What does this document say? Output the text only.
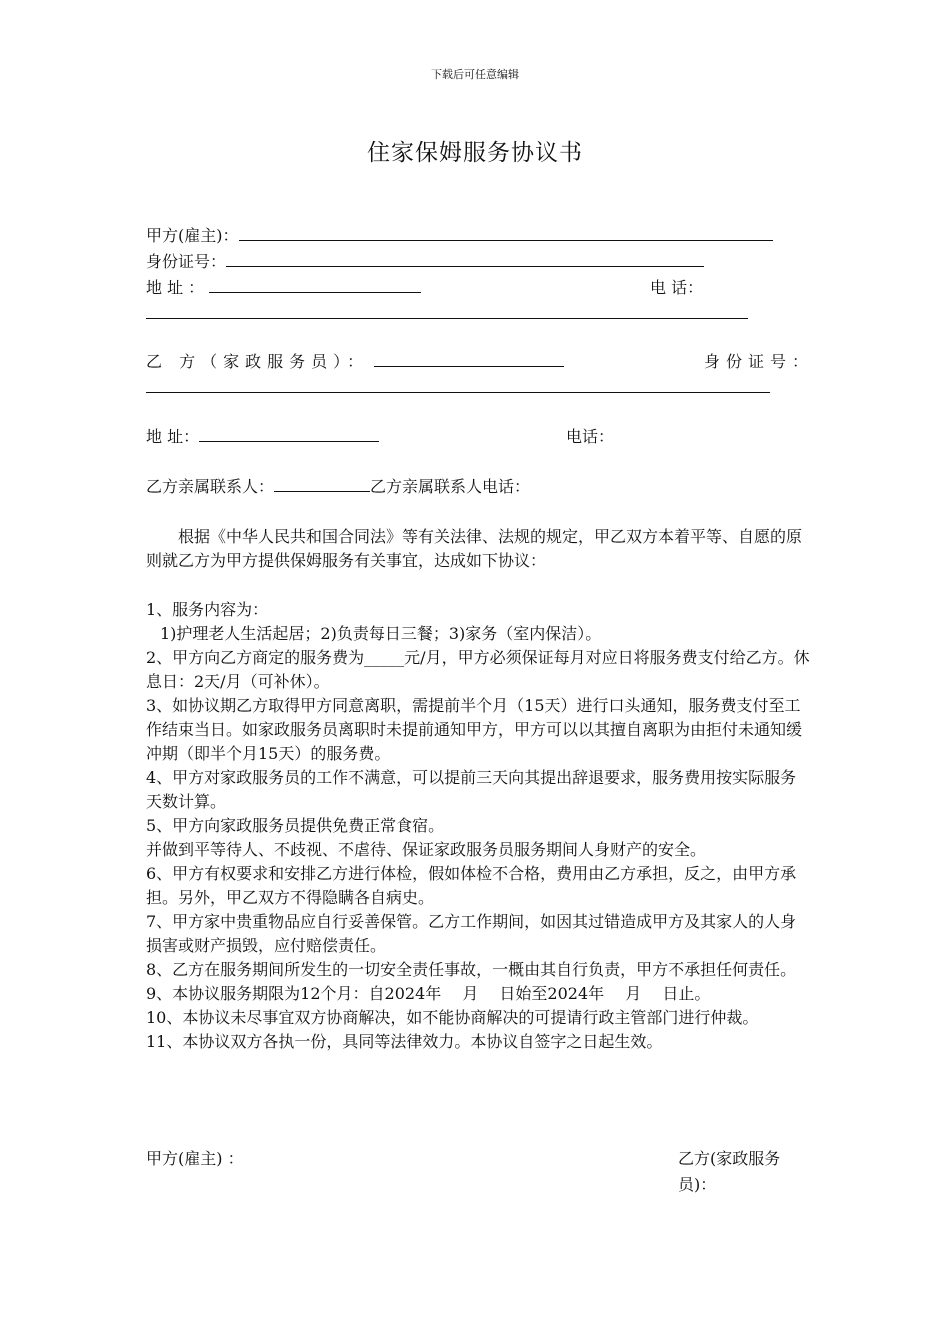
下载后可任意编辑
住家保姆服务协议书
甲方(雇主)：
身份证号：
地 址 ：	电 话：
乙 方（家政服务员）：	身份证号：
地 址：	电话：
乙方亲属联系人：	乙方亲属联系人电话：

根据《中华人民共和国合同法》等有关法律、法规的规定，甲乙双方本着平等、自愿的原则就乙方为甲方提供保姆服务有关事宜，达成如下协议：

1、服务内容为：

1)护理老人生活起居；2)负责每日三餐；3)家务（室内保洁）。

2、甲方向乙方商定的服务费为_____元/月，甲方必须保证每月对应日将服务费支付给乙方。休息日：2天/月（可补休）。

3、如协议期乙方取得甲方同意离职，需提前半个月（15天）进行口头通知，服务费支付至工作结束当日。如家政服务员离职时未提前通知甲方，甲方可以以其擅自离职为由拒付未通知缓冲期（即半个月15天）的服务费。

4、甲方对家政服务员的工作不满意，可以提前三天向其提出辞退要求，服务费用按实际服务天数计算。

5、甲方向家政服务员提供免费正常食宿。

并做到平等待人、不歧视、不虐待、保证家政服务员服务期间人身财产的安全。

6、甲方有权要求和安排乙方进行体检，假如体检不合格，费用由乙方承担，反之，由甲方承担。另外，甲乙双方不得隐瞒各自病史。

7、甲方家中贵重物品应自行妥善保管。乙方工作期间，如因其过错造成甲方及其家人的人身损害或财产损毁，应付赔偿责任。

8、乙方在服务期间所发生的一切安全责任事故，一概由其自行负责，甲方不承担任何责任。

9、本协议服务期限为12个月：自2024年　 月 　日始至2024年 　月　 日止。

10、本协议未尽事宜双方协商解决，如不能协商解决的可提请行政主管部门进行仲裁。

11、本协议双方各执一份，具同等法律效力。本协议自签字之日起生效。

甲方(雇主) ：	乙方(家政服务员)：
